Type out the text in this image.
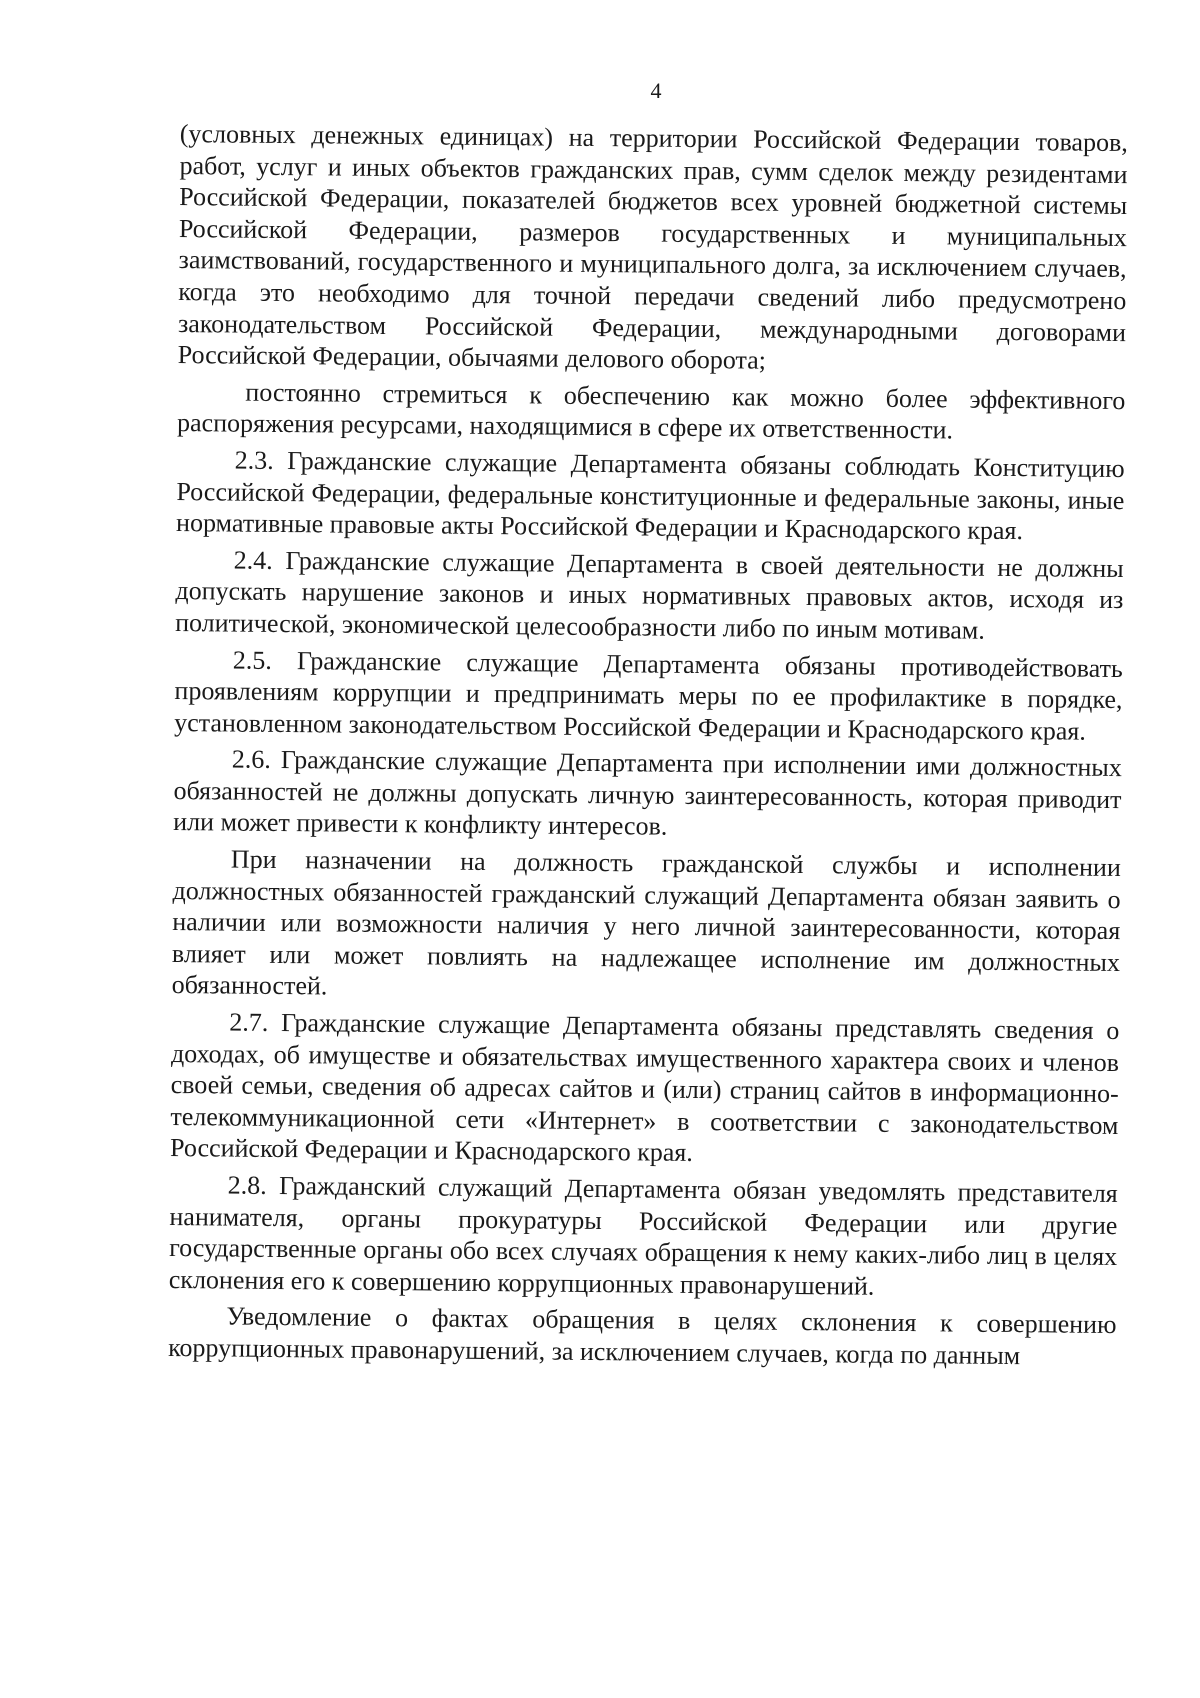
4

(условных денежных единицах) на территории Российской Федерации товаров, работ, услуг и иных объектов гражданских прав, сумм сделок между резидентами Российской Федерации, показателей бюджетов всех уровней бюджетной системы Российской Федерации, размеров государственных и муниципальных заимствований, государственного и муниципального долга, за исключением случаев, когда это необходимо для точной передачи сведений либо предусмотрено законодательством Российской Федерации, международными договорами Российской Федерации, обычаями делового оборота;

постоянно стремиться к обеспечению как можно более эффективного распоряжения ресурсами, находящимися в сфере их ответственности.

2.3. Гражданские служащие Департамента обязаны соблюдать Конституцию Российской Федерации, федеральные конституционные и федеральные законы, иные нормативные правовые акты Российской Федерации и Краснодарского края.

2.4. Гражданские служащие Департамента в своей деятельности не должны допускать нарушение законов и иных нормативных правовых актов, исходя из политической, экономической целесообразности либо по иным мотивам.

2.5. Гражданские служащие Департамента обязаны противодействовать проявлениям коррупции и предпринимать меры по ее профилактике в порядке, установленном законодательством Российской Федерации и Краснодарского края.

2.6. Гражданские служащие Департамента при исполнении ими должностных обязанностей не должны допускать личную заинтересованность, которая приводит или может привести к конфликту интересов.

При назначении на должность гражданской службы и исполнении должностных обязанностей гражданский служащий Департамента обязан заявить о наличии или возможности наличия у него личной заинтересованности, которая влияет или может повлиять на надлежащее исполнение им должностных обязанностей.

2.7. Гражданские служащие Департамента обязаны представлять сведения о доходах, об имуществе и обязательствах имущественного характера своих и членов своей семьи, сведения об адресах сайтов и (или) страниц сайтов в информационно-телекоммуникационной сети «Интернет» в соответствии с законодательством Российской Федерации и Краснодарского края.

2.8. Гражданский служащий Департамента обязан уведомлять представителя нанимателя, органы прокуратуры Российской Федерации или другие государственные органы обо всех случаях обращения к нему каких-либо лиц в целях склонения его к совершению коррупционных правонарушений.

Уведомление о фактах обращения в целях склонения к совершению коррупционных правонарушений, за исключением случаев, когда по данным
